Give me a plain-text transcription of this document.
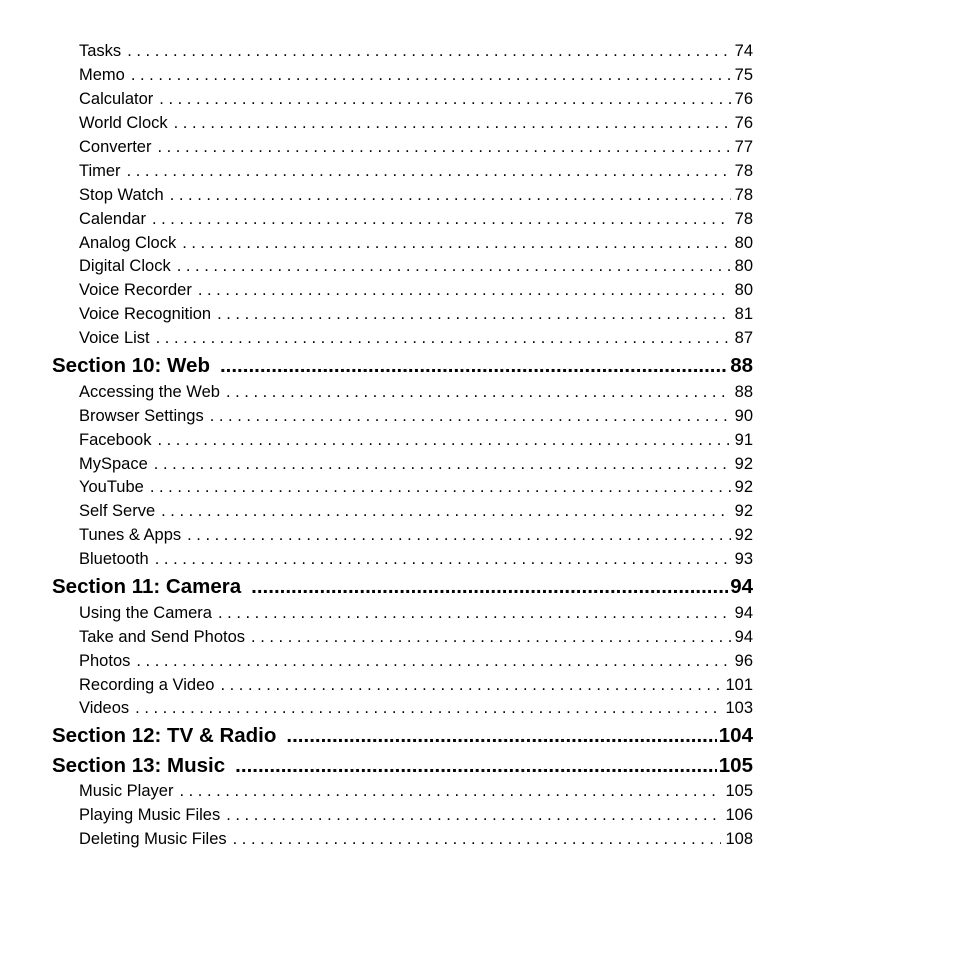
Tasks . . .	74
Memo . . .	75
Calculator . . .	76
World Clock . . .	76
Converter . . .	77
Timer . . .	78
Stop Watch . . .	78
Calendar . . .	78
Analog Clock . . .	80
Digital Clock . . .	80
Voice Recorder . . .	80
Voice Recognition . . .	81
Voice List . . .	87
Section 10: Web .....	88
Accessing the Web . . .	88
Browser Settings . . .	90
Facebook . . .	91
MySpace . . .	92
YouTube . . .	92
Self Serve . . .	92
Tunes & Apps . . .	92
Bluetooth . . .	93
Section 11: Camera .....	94
Using the Camera . . .	94
Take and Send Photos . . .	94
Photos . . .	96
Recording a Video . . .	101
Videos . . .	103
Section 12: TV & Radio .....	104
Section 13: Music .....	105
Music Player . . .	105
Playing Music Files . . .	106
Deleting Music Files . . .	108
